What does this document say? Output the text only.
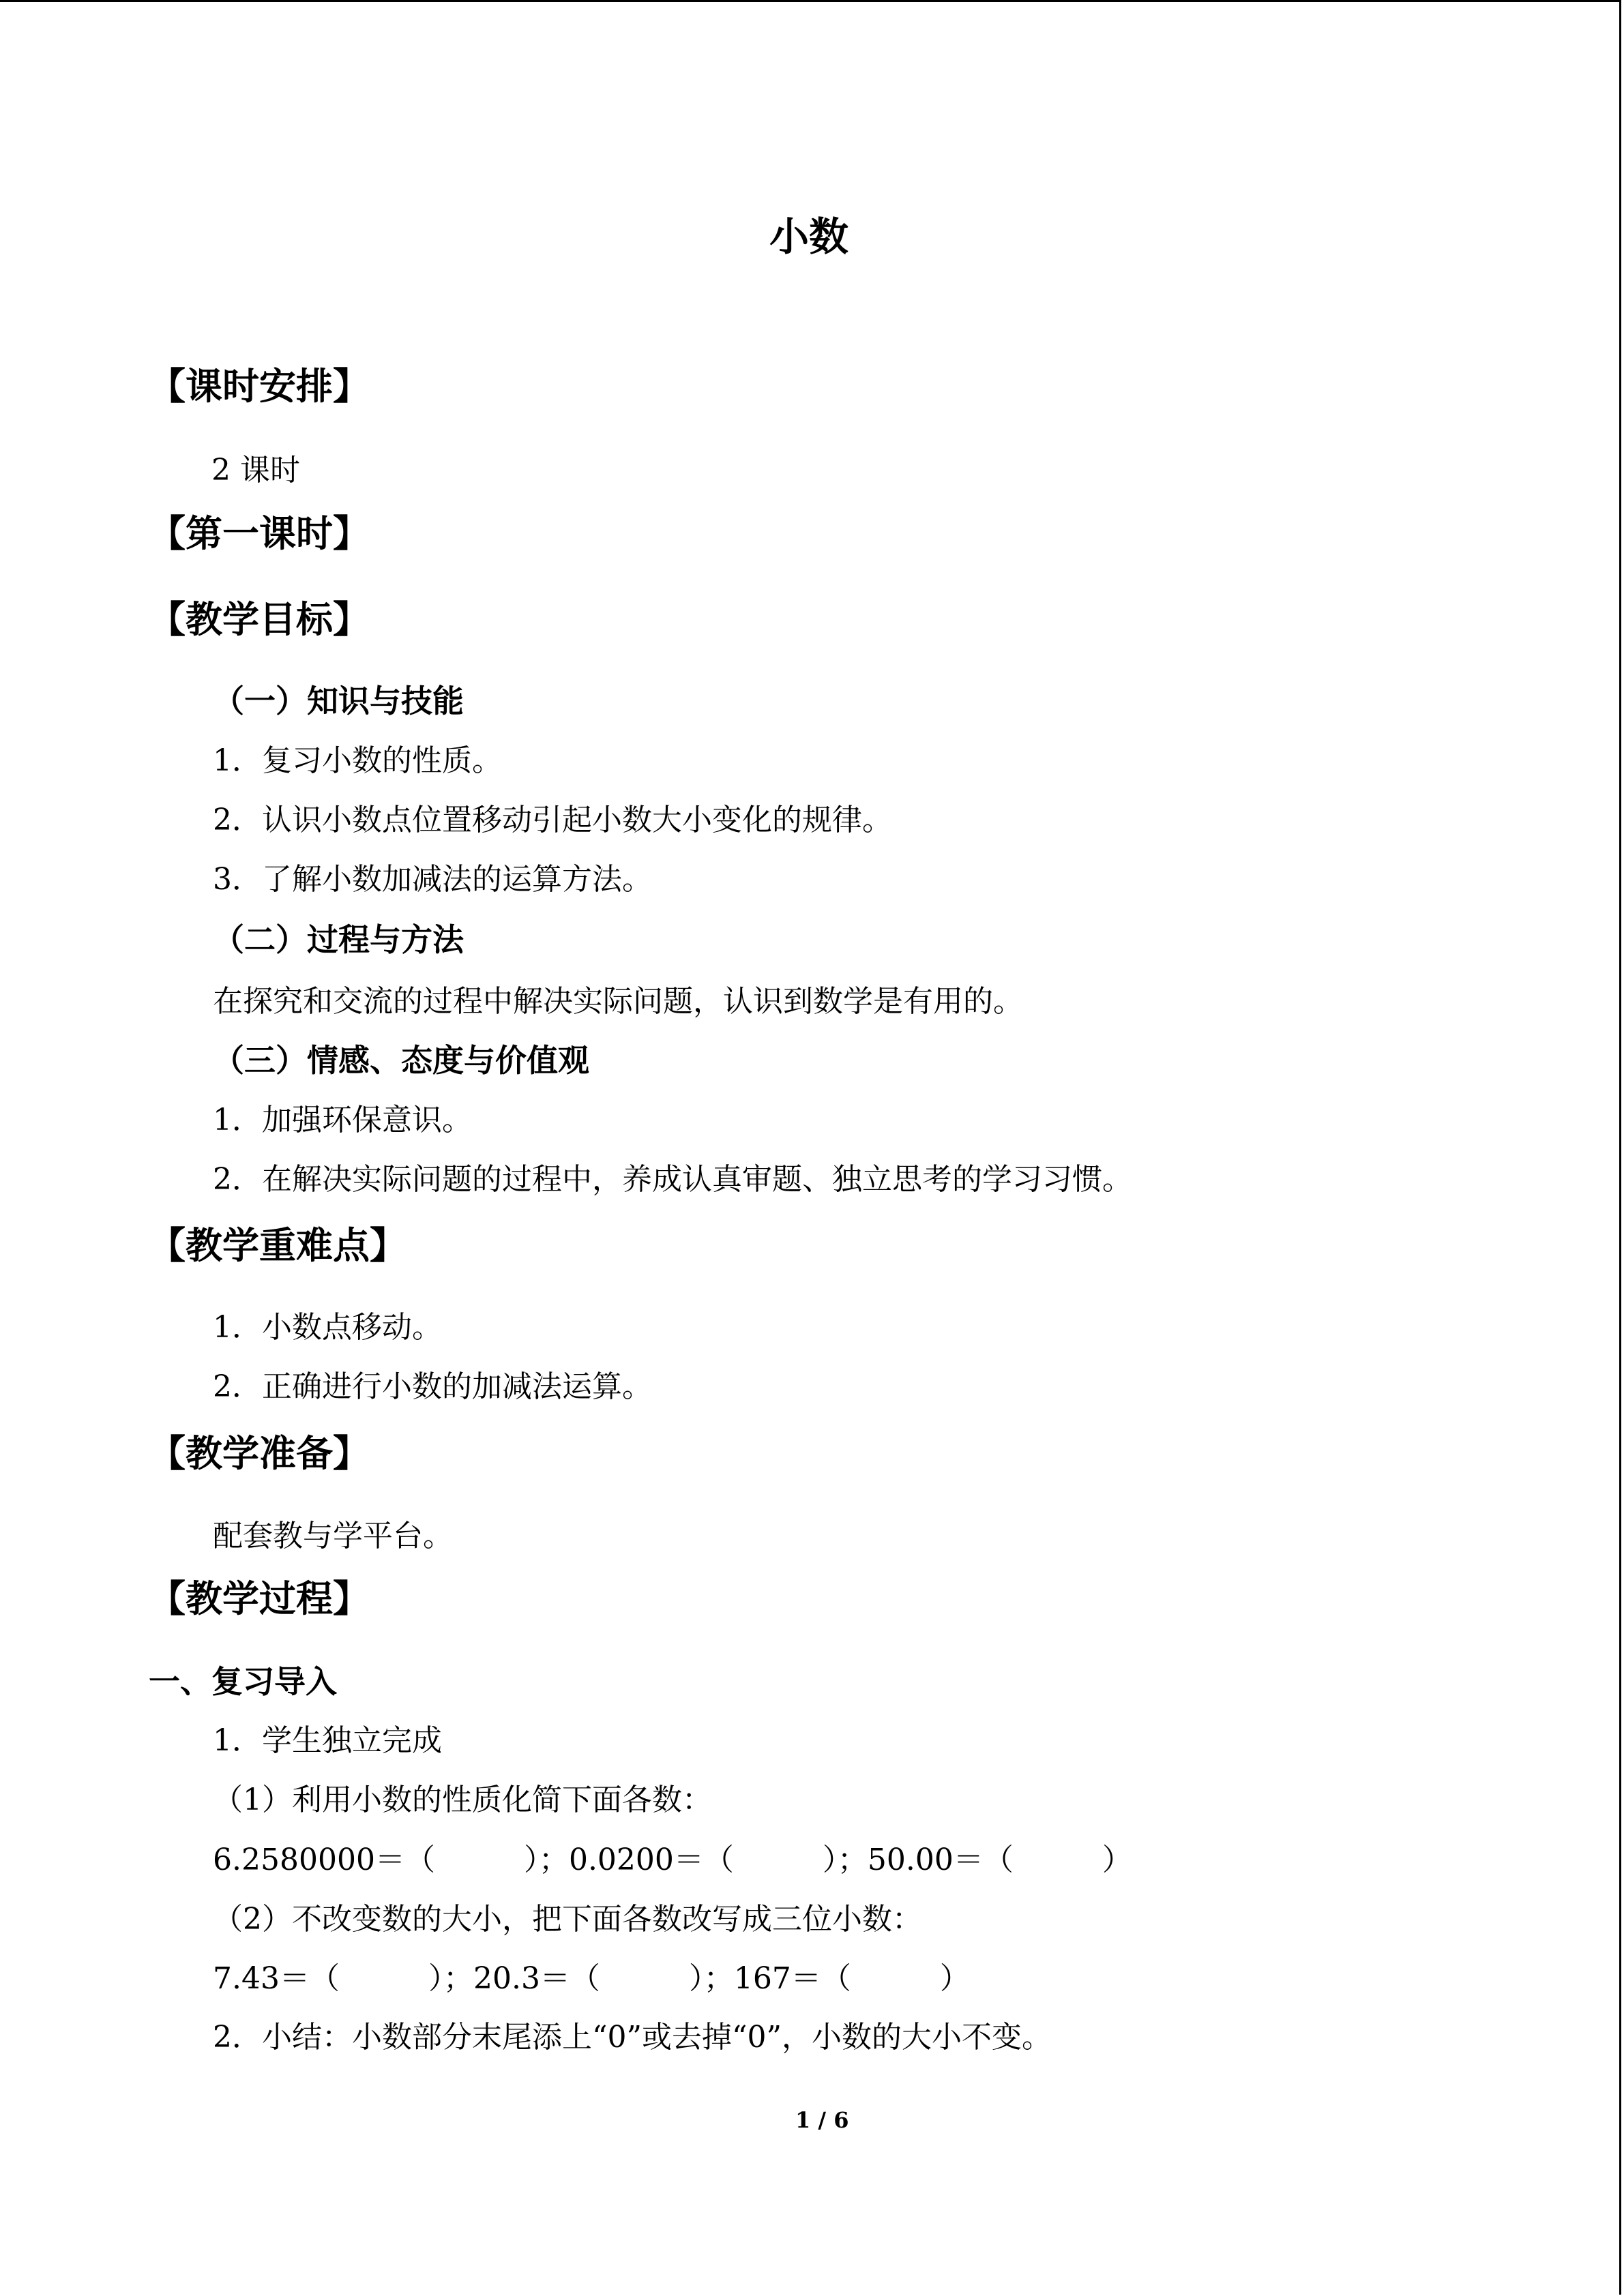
小数
【课时安排】
2 课时
【第一课时】
【教学目标】
（一）知识与技能
1．复习小数的性质。
2．认识小数点位置移动引起小数大小变化的规律。
3．了解小数加减法的运算方法。
（二）过程与方法
在探究和交流的过程中解决实际问题，认识到数学是有用的。
（三）情感、态度与价值观
1．加强环保意识。
2．在解决实际问题的过程中，养成认真审题、独立思考的学习习惯。
【教学重难点】
1．小数点移动。
2．正确进行小数的加减法运算。
【教学准备】
配套教与学平台。
【教学过程】
一、复习导入
1．学生独立完成
（1）利用小数的性质化简下面各数：
6.2580000＝（	）；0.0200＝（	）；50.00＝（	）
（2）不改变数的大小，把下面各数改写成三位小数：
7.43＝（	）；20.3＝（	）；167＝（	）
2．小结：小数部分末尾添上“0”或去掉“0”，小数的大小不变。
1 / 6
